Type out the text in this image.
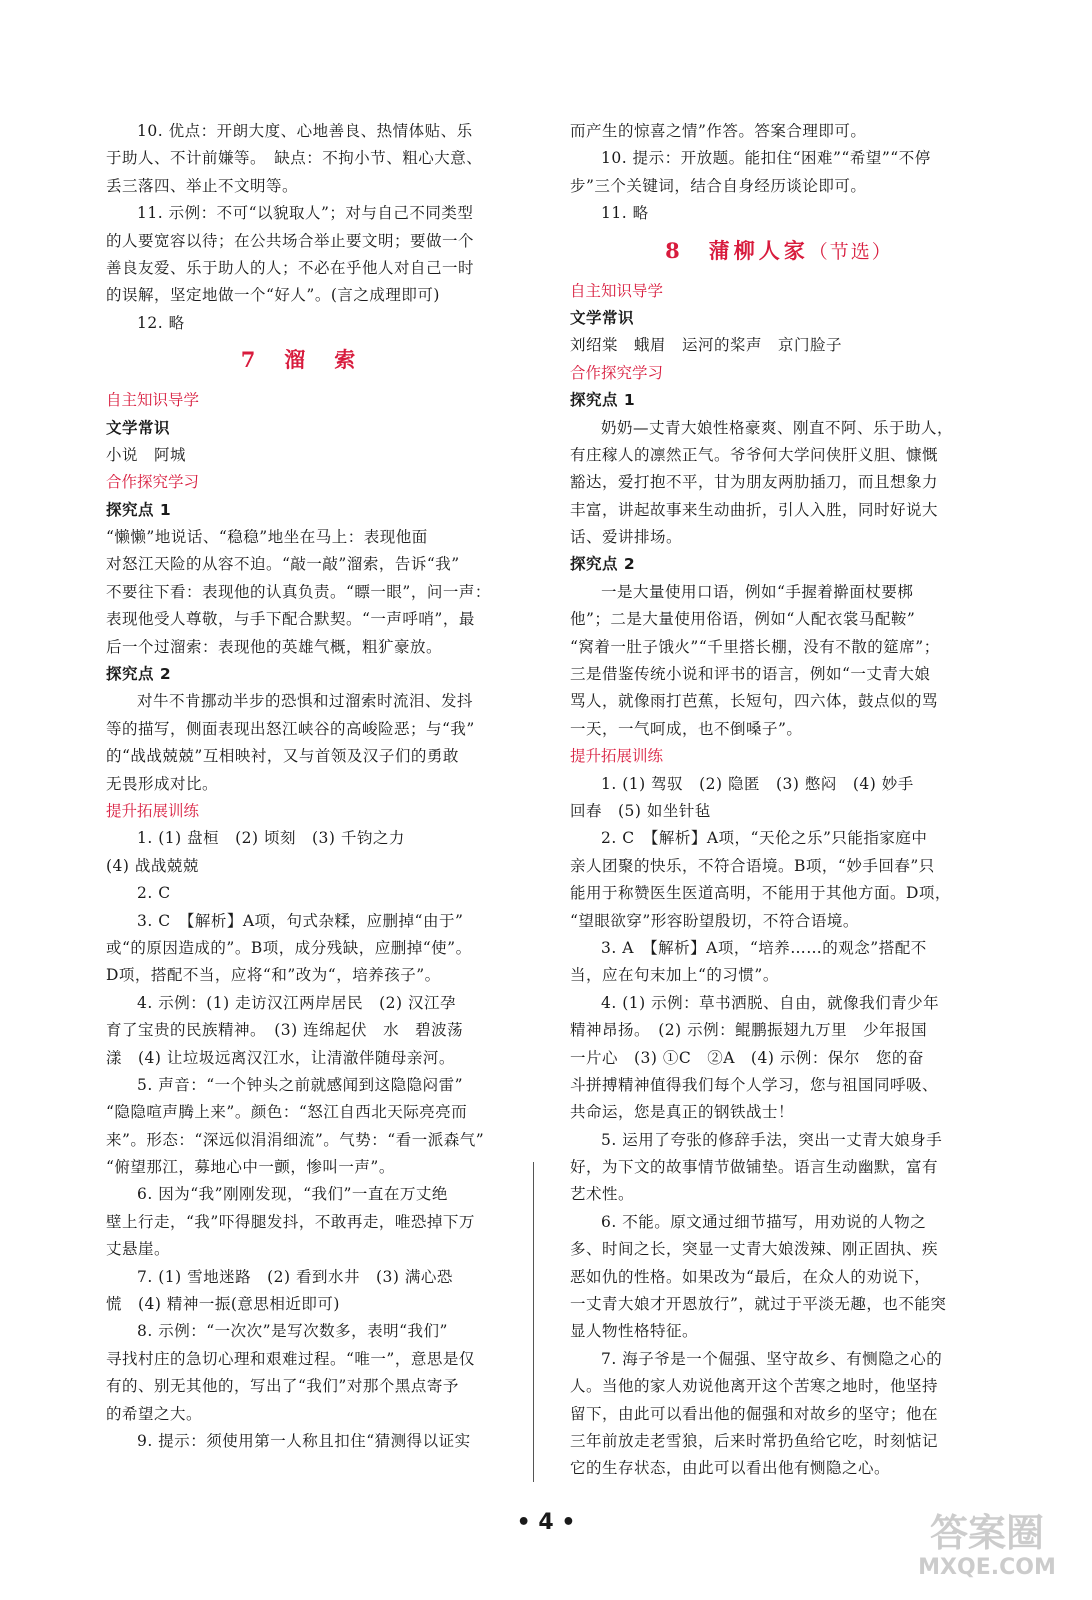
10. 优点：开朗大度、心地善良、热情体贴、乐
于助人、不计前嫌等。　缺点：不拘小节、粗心大意、
丢三落四、举止不文明等。
11. 示例：不可“以貌取人”；对与自己不同类型
的人要宽容以待；在公共场合举止要文明；要做一个
善良友爱、乐于助人的人；不必在乎他人对自己一时
的误解，坚定地做一个“好人”。(言之成理即可)
12. 略
7　溜　索
自主知识导学
文学常识
小说　阿城
合作探究学习
探究点 1
“懒懒”地说话、“稳稳”地坐在马上：表现他面
对怒江天险的从容不迫。“敲一敲”溜索，告诉“我”
不要往下看：表现他的认真负责。“瞟一眼”，问一声：
表现他受人尊敬，与手下配合默契。“一声呼哨”，最
后一个过溜索：表现他的英雄气概，粗犷豪放。
探究点 2
对牛不肯挪动半步的恐惧和过溜索时流泪、发抖
等的描写，侧面表现出怒江峡谷的高峻险恶；与“我”
的“战战兢兢”互相映衬，又与首领及汉子们的勇敢
无畏形成对比。
提升拓展训练
1. (1) 盘桓　(2) 顷刻　(3) 千钧之力
(4) 战战兢兢
2. C
3. C　【解析】A项，句式杂糅，应删掉“由于”
或“的原因造成的”。B项，成分残缺，应删掉“使”。
D项，搭配不当，应将“和”改为“，培养孩子”。
4. 示例：(1) 走访汉江两岸居民　(2) 汉江孕
育了宝贵的民族精神。　(3) 连绵起伏　水　碧波荡
漾　(4) 让垃圾远离汉江水，让清澈伴随母亲河。
5. 声音：“一个钟头之前就感闻到这隐隐闷雷”
“隐隐喧声腾上来”。颜色：“怒江自西北天际亮亮而
来”。形态：“深远似涓涓细流”。气势：“看一派森气”
“俯望那江，募地心中一颤，惨叫一声”。
6. 因为“我”刚刚发现，“我们”一直在万丈绝
壁上行走，“我”吓得腿发抖，不敢再走，唯恐掉下万
丈悬崖。
7. (1) 雪地迷路　(2) 看到水井　(3) 满心恐
慌　(4) 精神一振(意思相近即可)
8. 示例：“一次次”是写次数多，表明“我们”
寻找村庄的急切心理和艰难过程。“唯一”，意思是仅
有的、别无其他的，写出了“我们”对那个黑点寄予
的希望之大。
9. 提示：须使用第一人称且扣住“猜测得以证实
而产生的惊喜之情”作答。答案合理即可。
10. 提示：开放题。能扣住“困难”“希望”“不停
步”三个关键词，结合自身经历谈论即可。
11. 略
8　蒲柳人家（节选）
自主知识导学
文学常识
刘绍棠　蛾眉　运河的桨声　京门脸子
合作探究学习
探究点 1
奶奶—丈青大娘性格豪爽、刚直不阿、乐于助人，
有庄稼人的凛然正气。爷爷何大学问侠肝义胆、慷慨
豁达，爱打抱不平，甘为朋友两肋插刀，而且想象力
丰富，讲起故事来生动曲折，引人入胜，同时好说大
话、爱讲排场。
探究点 2
一是大量使用口语，例如“手握着擀面杖要梆
他”；二是大量使用俗语，例如“人配衣裳马配鞍”
“窝着一肚子饿火”“千里搭长棚，没有不散的筵席”；
三是借鉴传统小说和评书的语言，例如“一丈青大娘
骂人，就像雨打芭蕉，长短句，四六体，鼓点似的骂
一天，一气呵成，也不倒嗓子”。
提升拓展训练
1. (1) 驾驭　(2) 隐匿　(3) 憋闷　(4) 妙手
回春　(5) 如坐针毡
2. C　【解析】A项，“天伦之乐”只能指家庭中
亲人团聚的快乐，不符合语境。B项，“妙手回春”只
能用于称赞医生医道高明，不能用于其他方面。D项，
“望眼欲穿”形容盼望殷切，不符合语境。
3. A　【解析】A项，“培养……的观念”搭配不
当，应在句末加上“的习惯”。
4. (1) 示例：草书洒脱、自由，就像我们青少年
精神昂扬。　(2) 示例：鲲鹏振翅九万里　少年报国
一片心　(3) ①C　②A　(4) 示例：保尔　您的奋
斗拼搏精神值得我们每个人学习，您与祖国同呼吸、
共命运，您是真正的钢铁战士！
5. 运用了夸张的修辞手法，突出一丈青大娘身手
好，为下文的故事情节做铺垫。语言生动幽默，富有
艺术性。
6. 不能。原文通过细节描写，用劝说的人物之
多、时间之长，突显一丈青大娘泼辣、刚正固执、疾
恶如仇的性格。如果改为“最后，在众人的劝说下，
一丈青大娘才开恩放行”，就过于平淡无趣，也不能突
显人物性格特征。
7. 海子爷是一个倔强、坚守故乡、有恻隐之心的
人。当他的家人劝说他离开这个苦寒之地时，他坚持
留下，由此可以看出他的倔强和对故乡的坚守；他在
三年前放走老雪狼，后来时常扔鱼给它吃，时刻惦记
它的生存状态，由此可以看出他有恻隐之心。
• 4 •	答案圈
MXQE.COM
